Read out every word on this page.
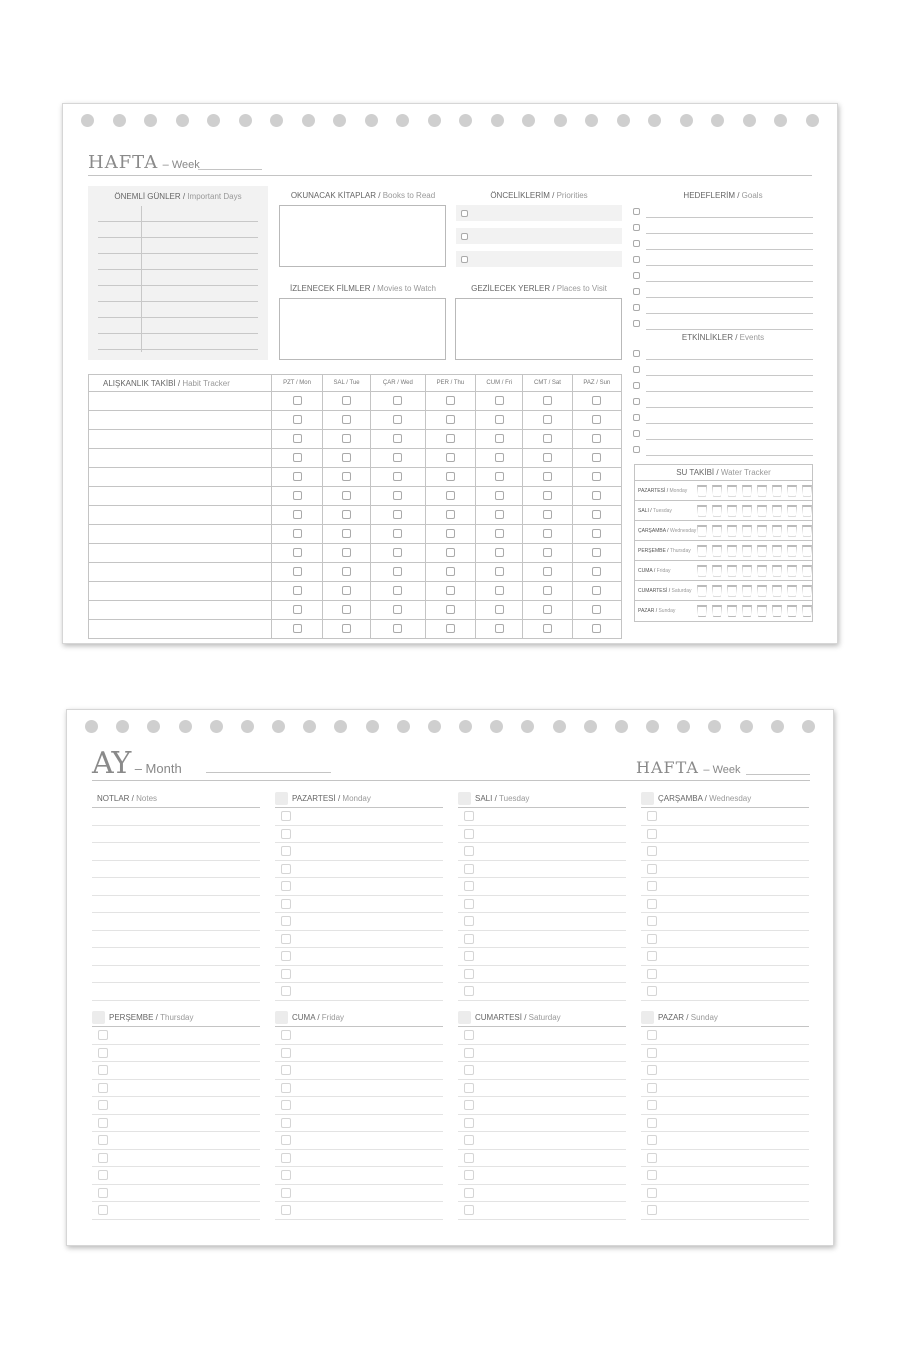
HAFTA – Week
ÖNEMLİ GÜNLER / Important Days	OKUNACAK KİTAPLAR / Books to Read
İZLENECEK FİLMLER / Movies to Watch
ÖNCELİKLERİM / Priorities
GEZİLECEK YERLER / Places to Visit
HEDEFLERİM / Goals
ETKİNLİKLER / Events
ALIŞKANLIK TAKİBİ / Habit Tracker	PZT / Mon	SAL / Tue	ÇAR / Wed	PER / Thu	CUM / Fri	CMT / Sat	PAZ / Sun

SU TAKİBİ / Water Tracker
PAZARTESİ / Monday
SALI / Tuesday
ÇARŞAMBA / Wednesday
PERŞEMBE / Thursday
CUMA / Friday
CUMARTESİ / Saturday
PAZAR / Sunday
AY – Month	HAFTA – Week
NOTLAR /
Notes	PAZARTESİ /
Monday	SALI /
Tuesday	ÇARŞAMBA /
Wednesday
PERŞEMBE /
Thursday	CUMA /
Friday	CUMARTESİ /
Saturday	PAZAR /
Sunday
